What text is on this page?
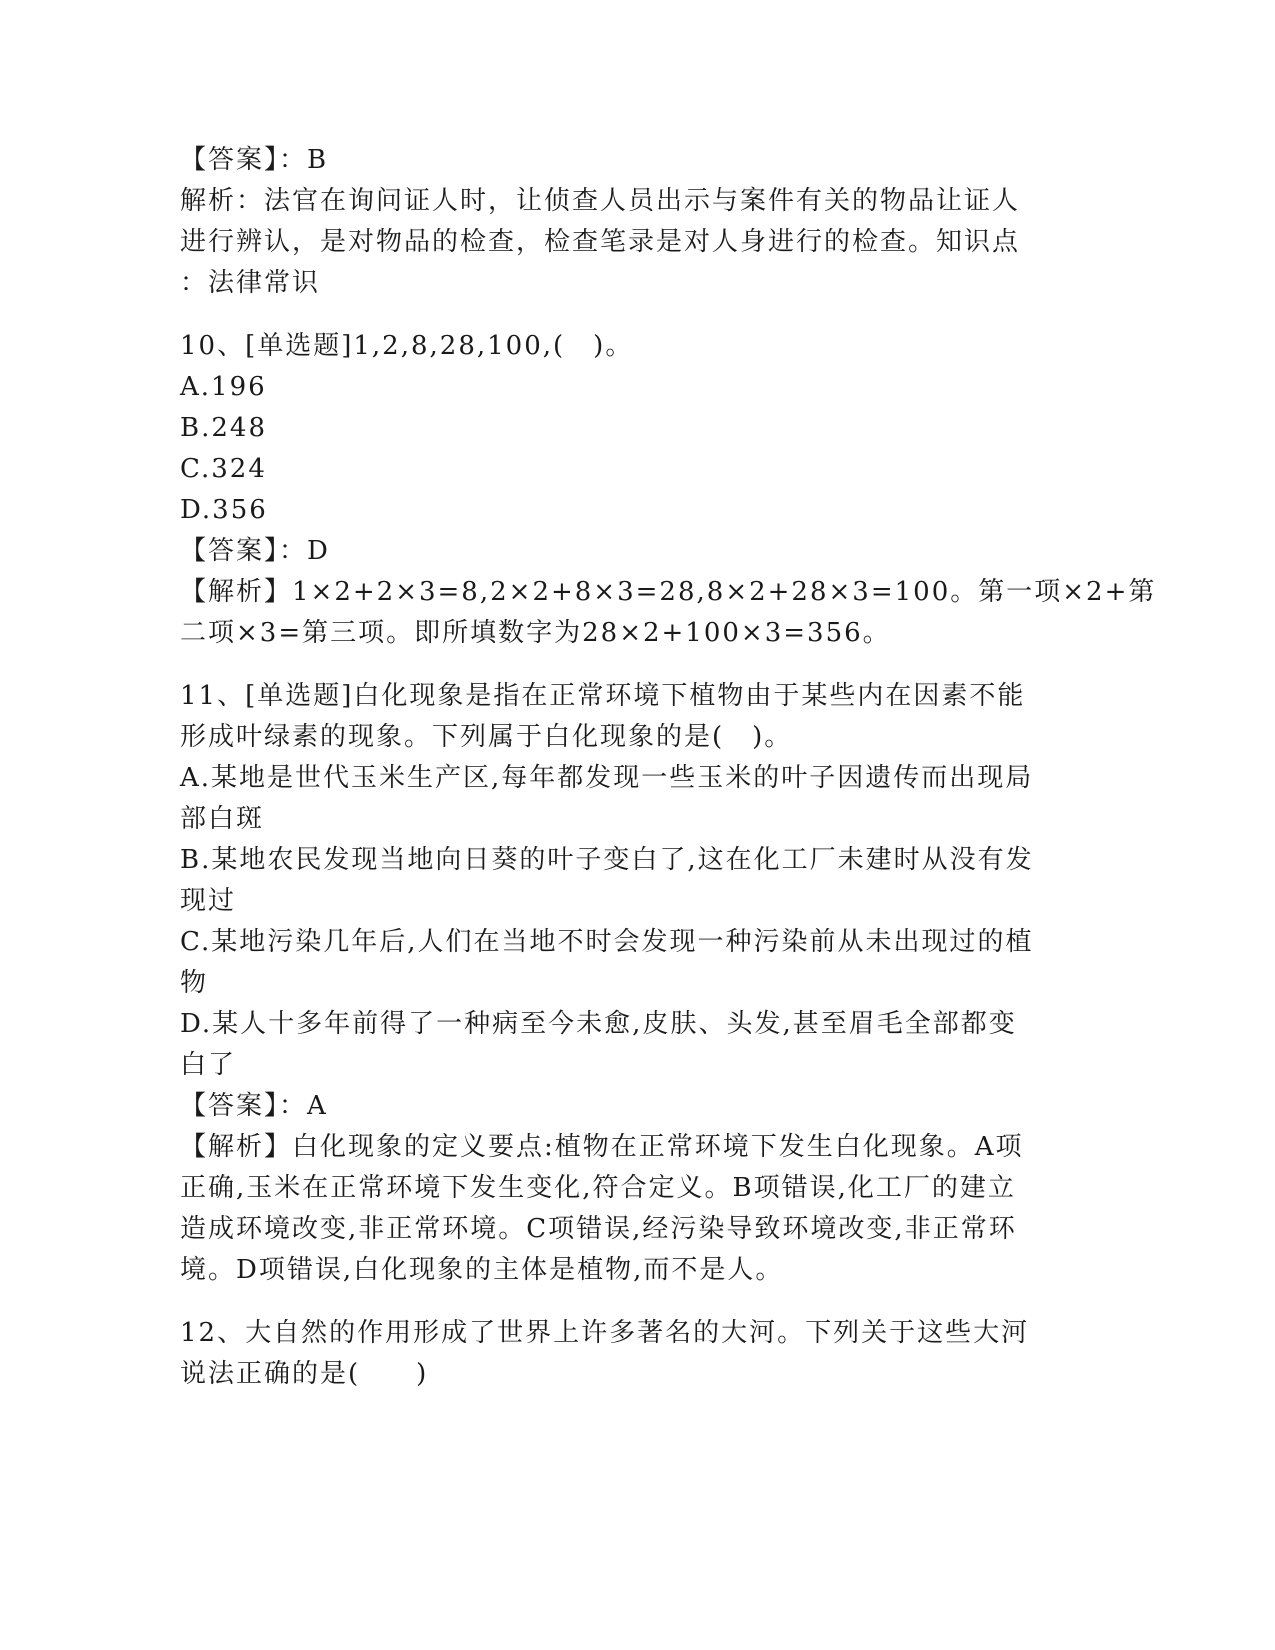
【答案】：B
解析：法官在询问证人时，让侦查人员出示与案件有关的物品让证人
进行辨认，是对物品的检查，检查笔录是对人身进行的检查。知识点
：法律常识
10、[单选题]1,2,8,28,100,(　)。
A.196
B.248
C.324
D.356
【答案】：D
【解析】1×2+2×3=8,2×2+8×3=28,8×2+28×3=100。第一项×2+第
二项×3=第三项。即所填数字为28×2+100×3=356。
11、[单选题]白化现象是指在正常环境下植物由于某些内在因素不能
形成叶绿素的现象。下列属于白化现象的是(　)。
A.某地是世代玉米生产区,每年都发现一些玉米的叶子因遗传而出现局
部白斑
B.某地农民发现当地向日葵的叶子变白了,这在化工厂未建时从没有发
现过
C.某地污染几年后,人们在当地不时会发现一种污染前从未出现过的植
物
D.某人十多年前得了一种病至今未愈,皮肤、头发,甚至眉毛全部都变
白了
【答案】：A
【解析】白化现象的定义要点:植物在正常环境下发生白化现象。A项
正确,玉米在正常环境下发生变化,符合定义。B项错误,化工厂的建立
造成环境改变,非正常环境。C项错误,经污染导致环境改变,非正常环
境。D项错误,白化现象的主体是植物,而不是人。
12、大自然的作用形成了世界上许多著名的大河。下列关于这些大河
说法正确的是(　　)
